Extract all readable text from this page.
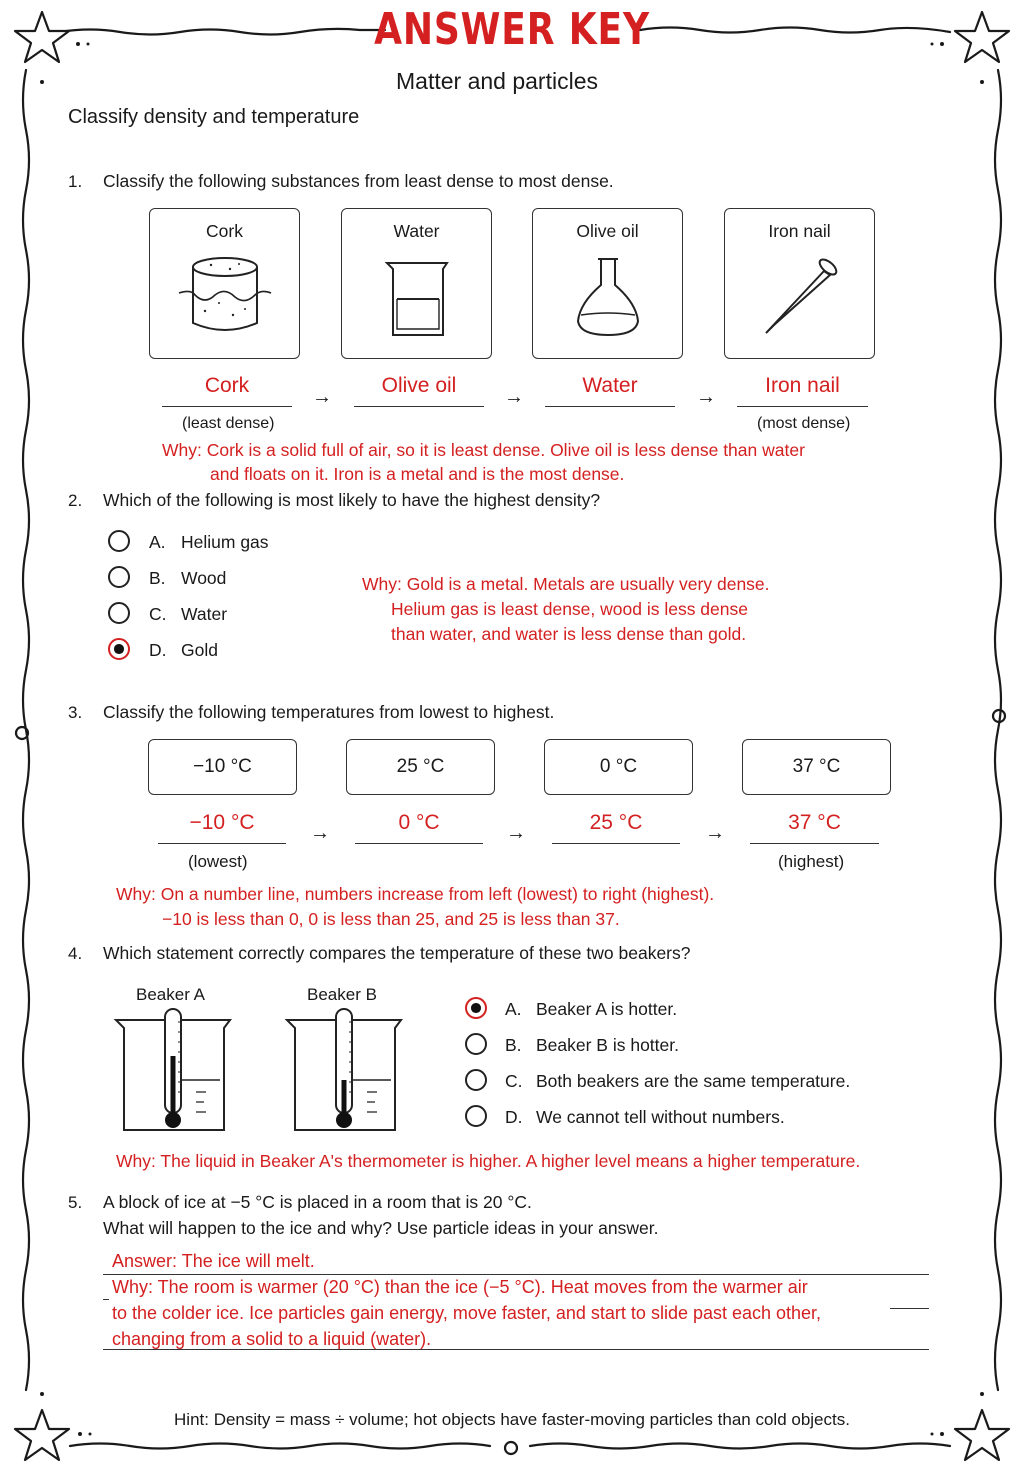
ANSWER KEY
Matter and particles
Classify density and temperature
1. Classify the following substances from least dense to most dense.
Cork	Water	Olive oil	Iron nail
Cork	→	Olive oil	→	Water	→	Iron nail
(least dense)	(most dense)
Why: Cork is a solid full of air, so it is least dense. Olive oil is less dense than water
and floats on it. Iron is a metal and is the most dense.
2. Which of the following is most likely to have the highest density?
A. Helium gas
B. Wood
C. Water
D. Gold
Why: Gold is a metal. Metals are usually very dense.
Helium gas is least dense, wood is less dense
than water, and water is less dense than gold.
3. Classify the following temperatures from lowest to highest.
−10 °C	25 °C	0 °C	37 °C
−10 °C	→	0 °C	→	25 °C	→	37 °C
(lowest)	(highest)
Why: On a number line, numbers increase from left (lowest) to right (highest).
−10 is less than 0, 0 is less than 25, and 25 is less than 37.
4. Which statement correctly compares the temperature of these two beakers?
Beaker A	Beaker B
A. Beaker A is hotter.
B. Beaker B is hotter.
C. Both beakers are the same temperature.
D. We cannot tell without numbers.
Why: The liquid in Beaker A's thermometer is higher. A higher level means a higher temperature.
5. A block of ice at −5 °C is placed in a room that is 20 °C.
What will happen to the ice and why? Use particle ideas in your answer.
Answer: The ice will melt.
Why: The room is warmer (20 °C) than the ice (−5 °C). Heat moves from the warmer air
to the colder ice. Ice particles gain energy, move faster, and start to slide past each other,
changing from a solid to a liquid (water).
Hint: Density = mass ÷ volume; hot objects have faster-moving particles than cold objects.
